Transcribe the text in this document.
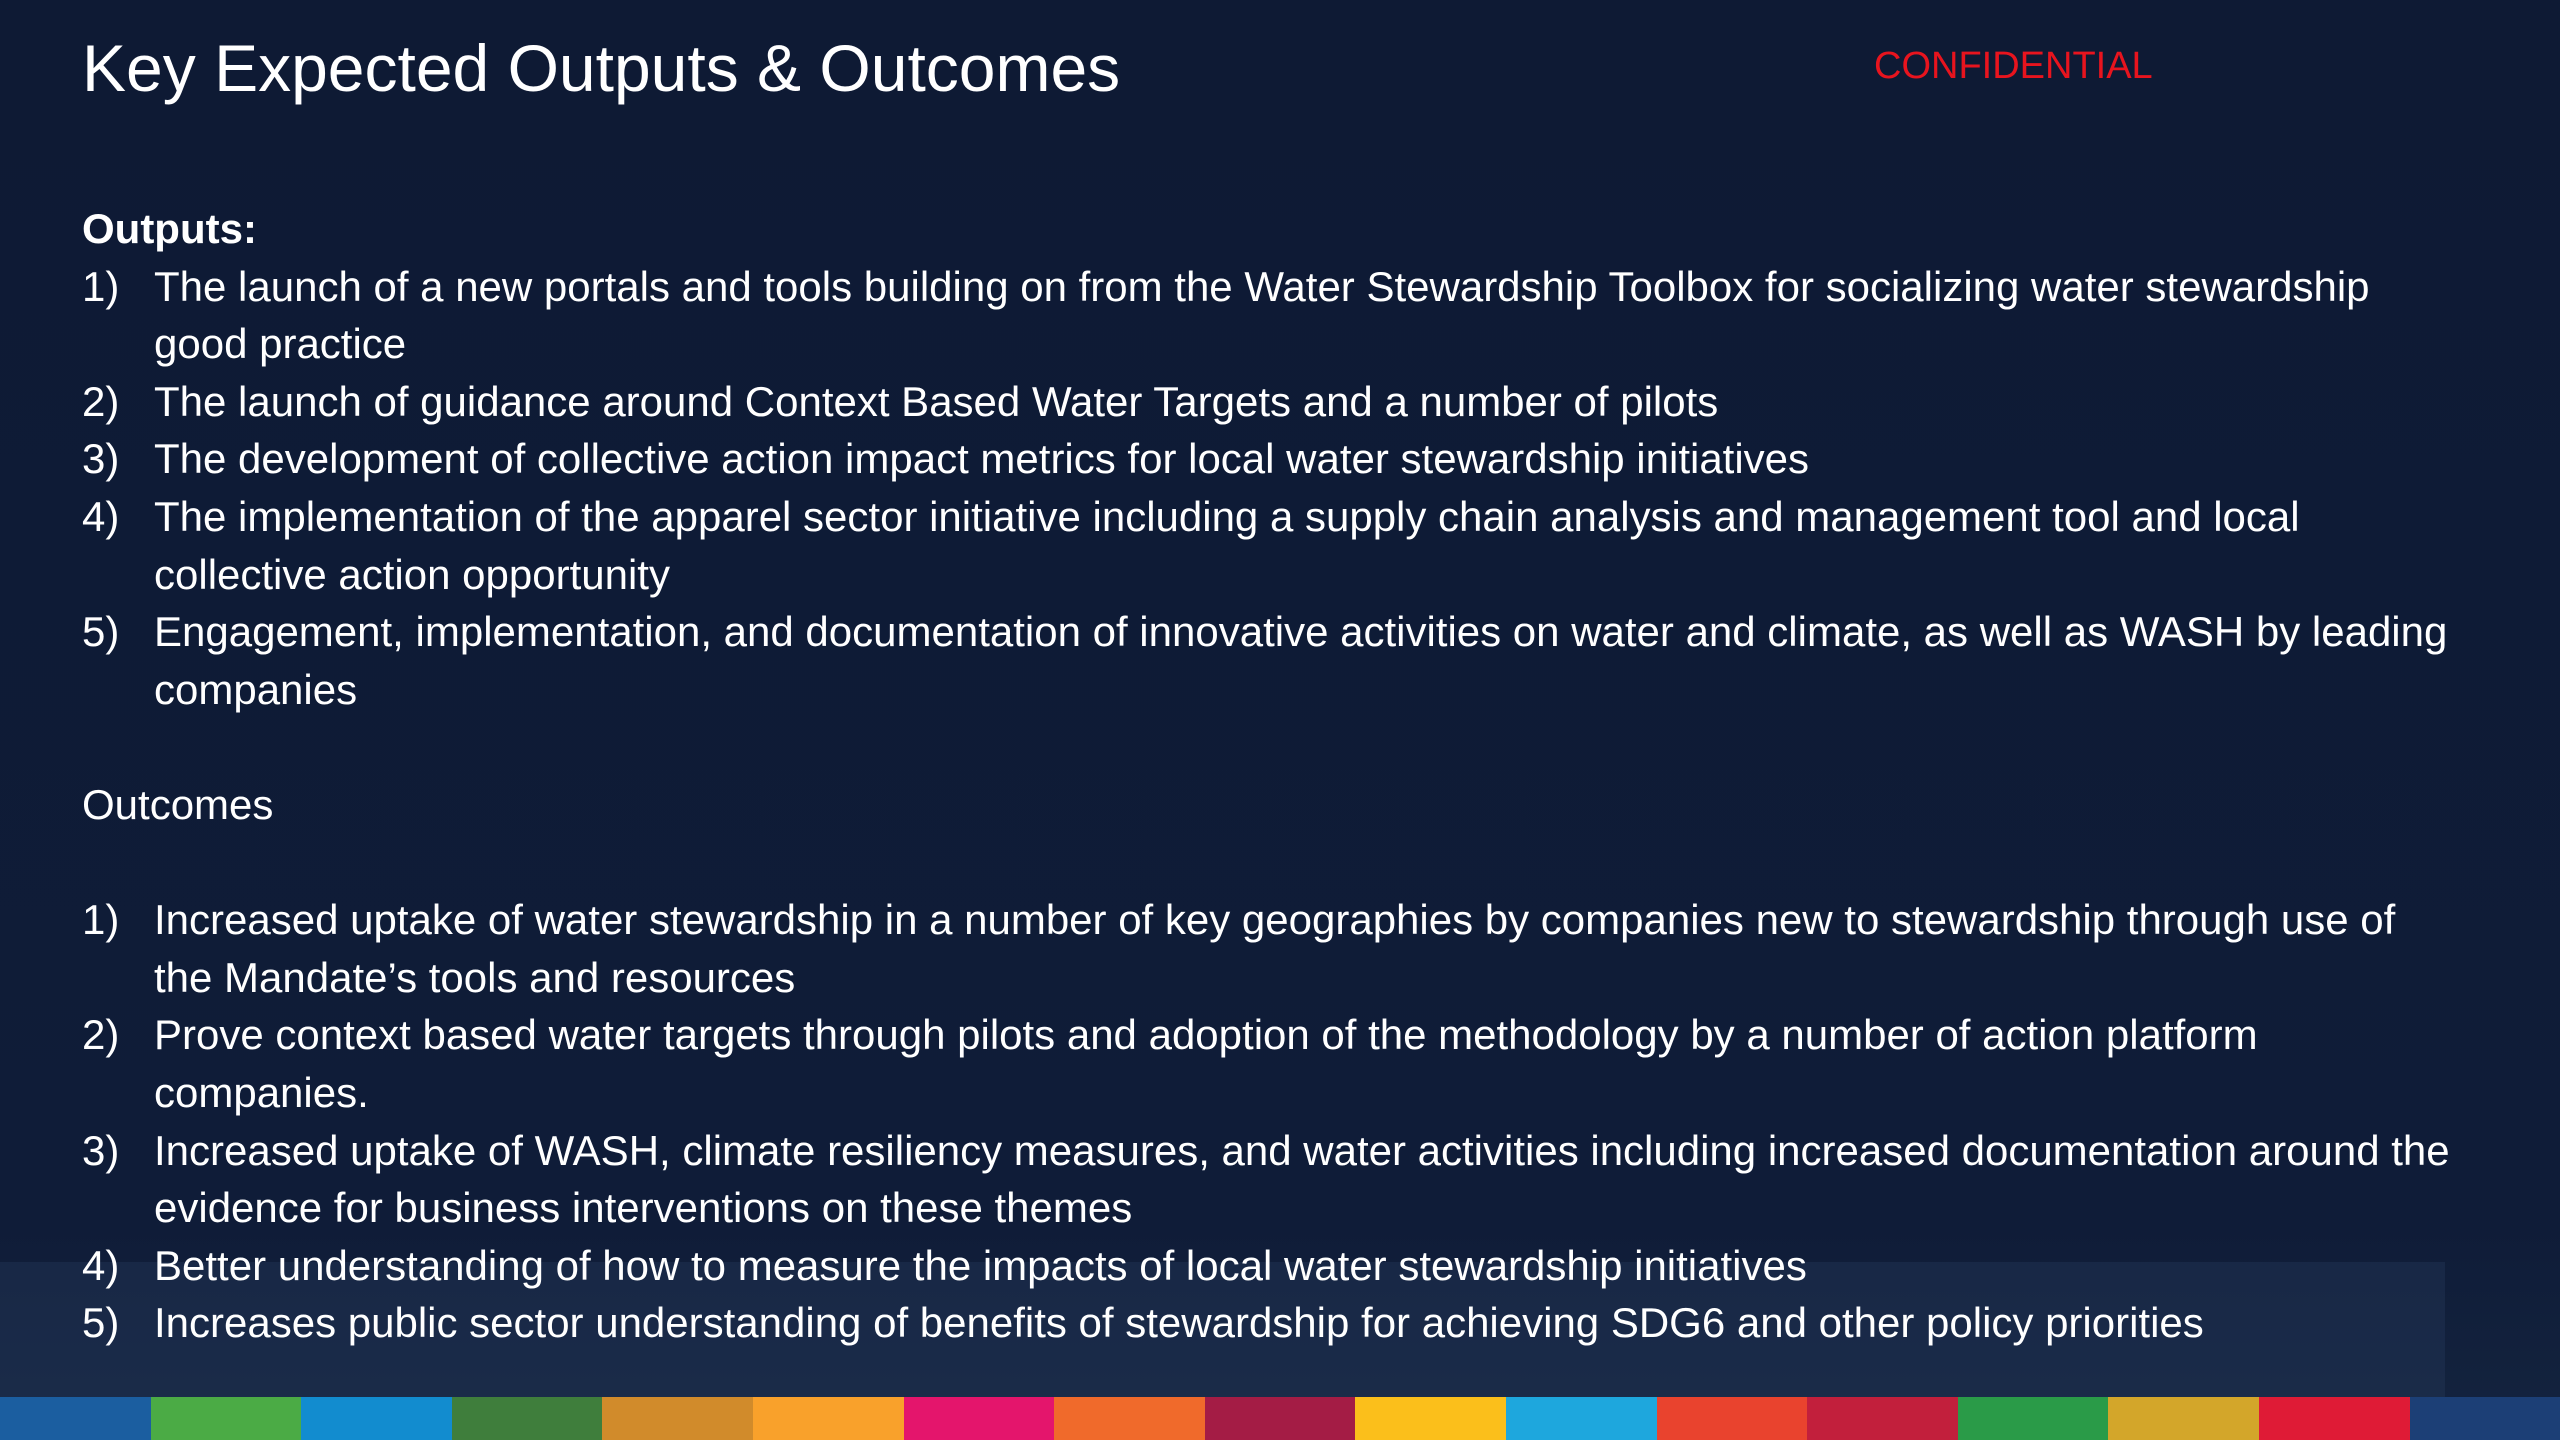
Key Expected Outputs & Outcomes	CONFIDENTIAL
Outputs:
1) The launch of a new portals and tools building on from the Water Stewardship Toolbox for socializing water stewardship good practice
2) The launch of guidance around Context Based Water Targets and a number of pilots
3) The development of collective action impact metrics for local water stewardship initiatives
4) The implementation of the apparel sector initiative including a supply chain analysis and management tool and local collective action opportunity
5) Engagement, implementation, and documentation of innovative activities on water and climate, as well as WASH by leading companies
Outcomes
1) Increased uptake of water stewardship in a number of key geographies by companies new to stewardship through use of the Mandate’s tools and resources
2) Prove context based water targets through pilots and adoption of the methodology by a number of action platform companies.
3) Increased uptake of WASH, climate resiliency measures, and water activities including increased documentation around the evidence for business interventions on these themes
4) Better understanding of how to measure the impacts of local water stewardship initiatives
5) Increases public sector understanding of benefits of stewardship for achieving SDG6 and other policy priorities
